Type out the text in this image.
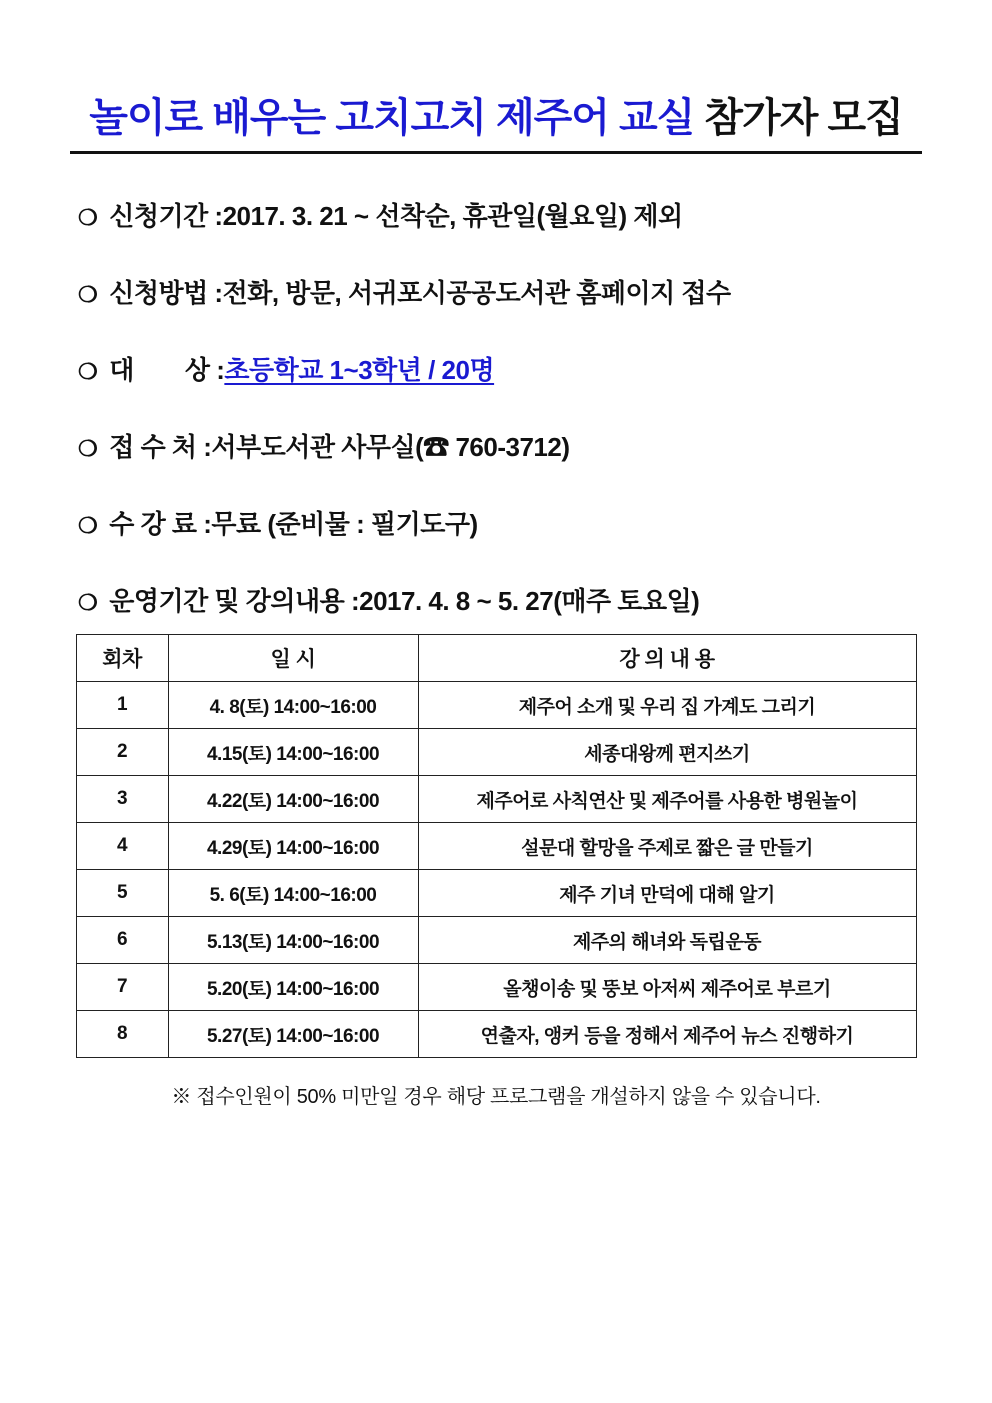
놀이로 배우는 고치고치 제주어 교실 참가자 모집
❍ 신청기간 : 2017. 3. 21 ~ 선착순, 휴관일(월요일) 제외
❍ 신청방법 : 전화, 방문, 서귀포시공공도서관 홈페이지 접수
❍ 대　　상 : 초등학교 1~3학년 / 20명
❍ 접 수 처 : 서부도서관 사무실(☎ 760-3712)
❍ 수 강 료 : 무료 (준비물 : 필기도구)
❍ 운영기간 및 강의내용 : 2017. 4. 8 ~ 5. 27(매주 토요일)
회차	일 시	강 의 내 용
1	4. 8(토) 14:00~16:00	제주어 소개 및 우리 집 가계도 그리기
2	4.15(토) 14:00~16:00	세종대왕께 편지쓰기
3	4.22(토) 14:00~16:00	제주어로 사칙연산 및 제주어를 사용한 병원놀이
4	4.29(토) 14:00~16:00	설문대 할망을 주제로 짧은 글 만들기
5	5. 6(토) 14:00~16:00	제주 기녀 만덕에 대해 알기
6	5.13(토) 14:00~16:00	제주의 해녀와 독립운동
7	5.20(토) 14:00~16:00	올챙이송 및 뚱보 아저씨 제주어로 부르기
8	5.27(토) 14:00~16:00	연출자, 앵커 등을 정해서 제주어 뉴스 진행하기
※ 접수인원이 50% 미만일 경우 해당 프로그램을 개설하지 않을 수 있습니다.
